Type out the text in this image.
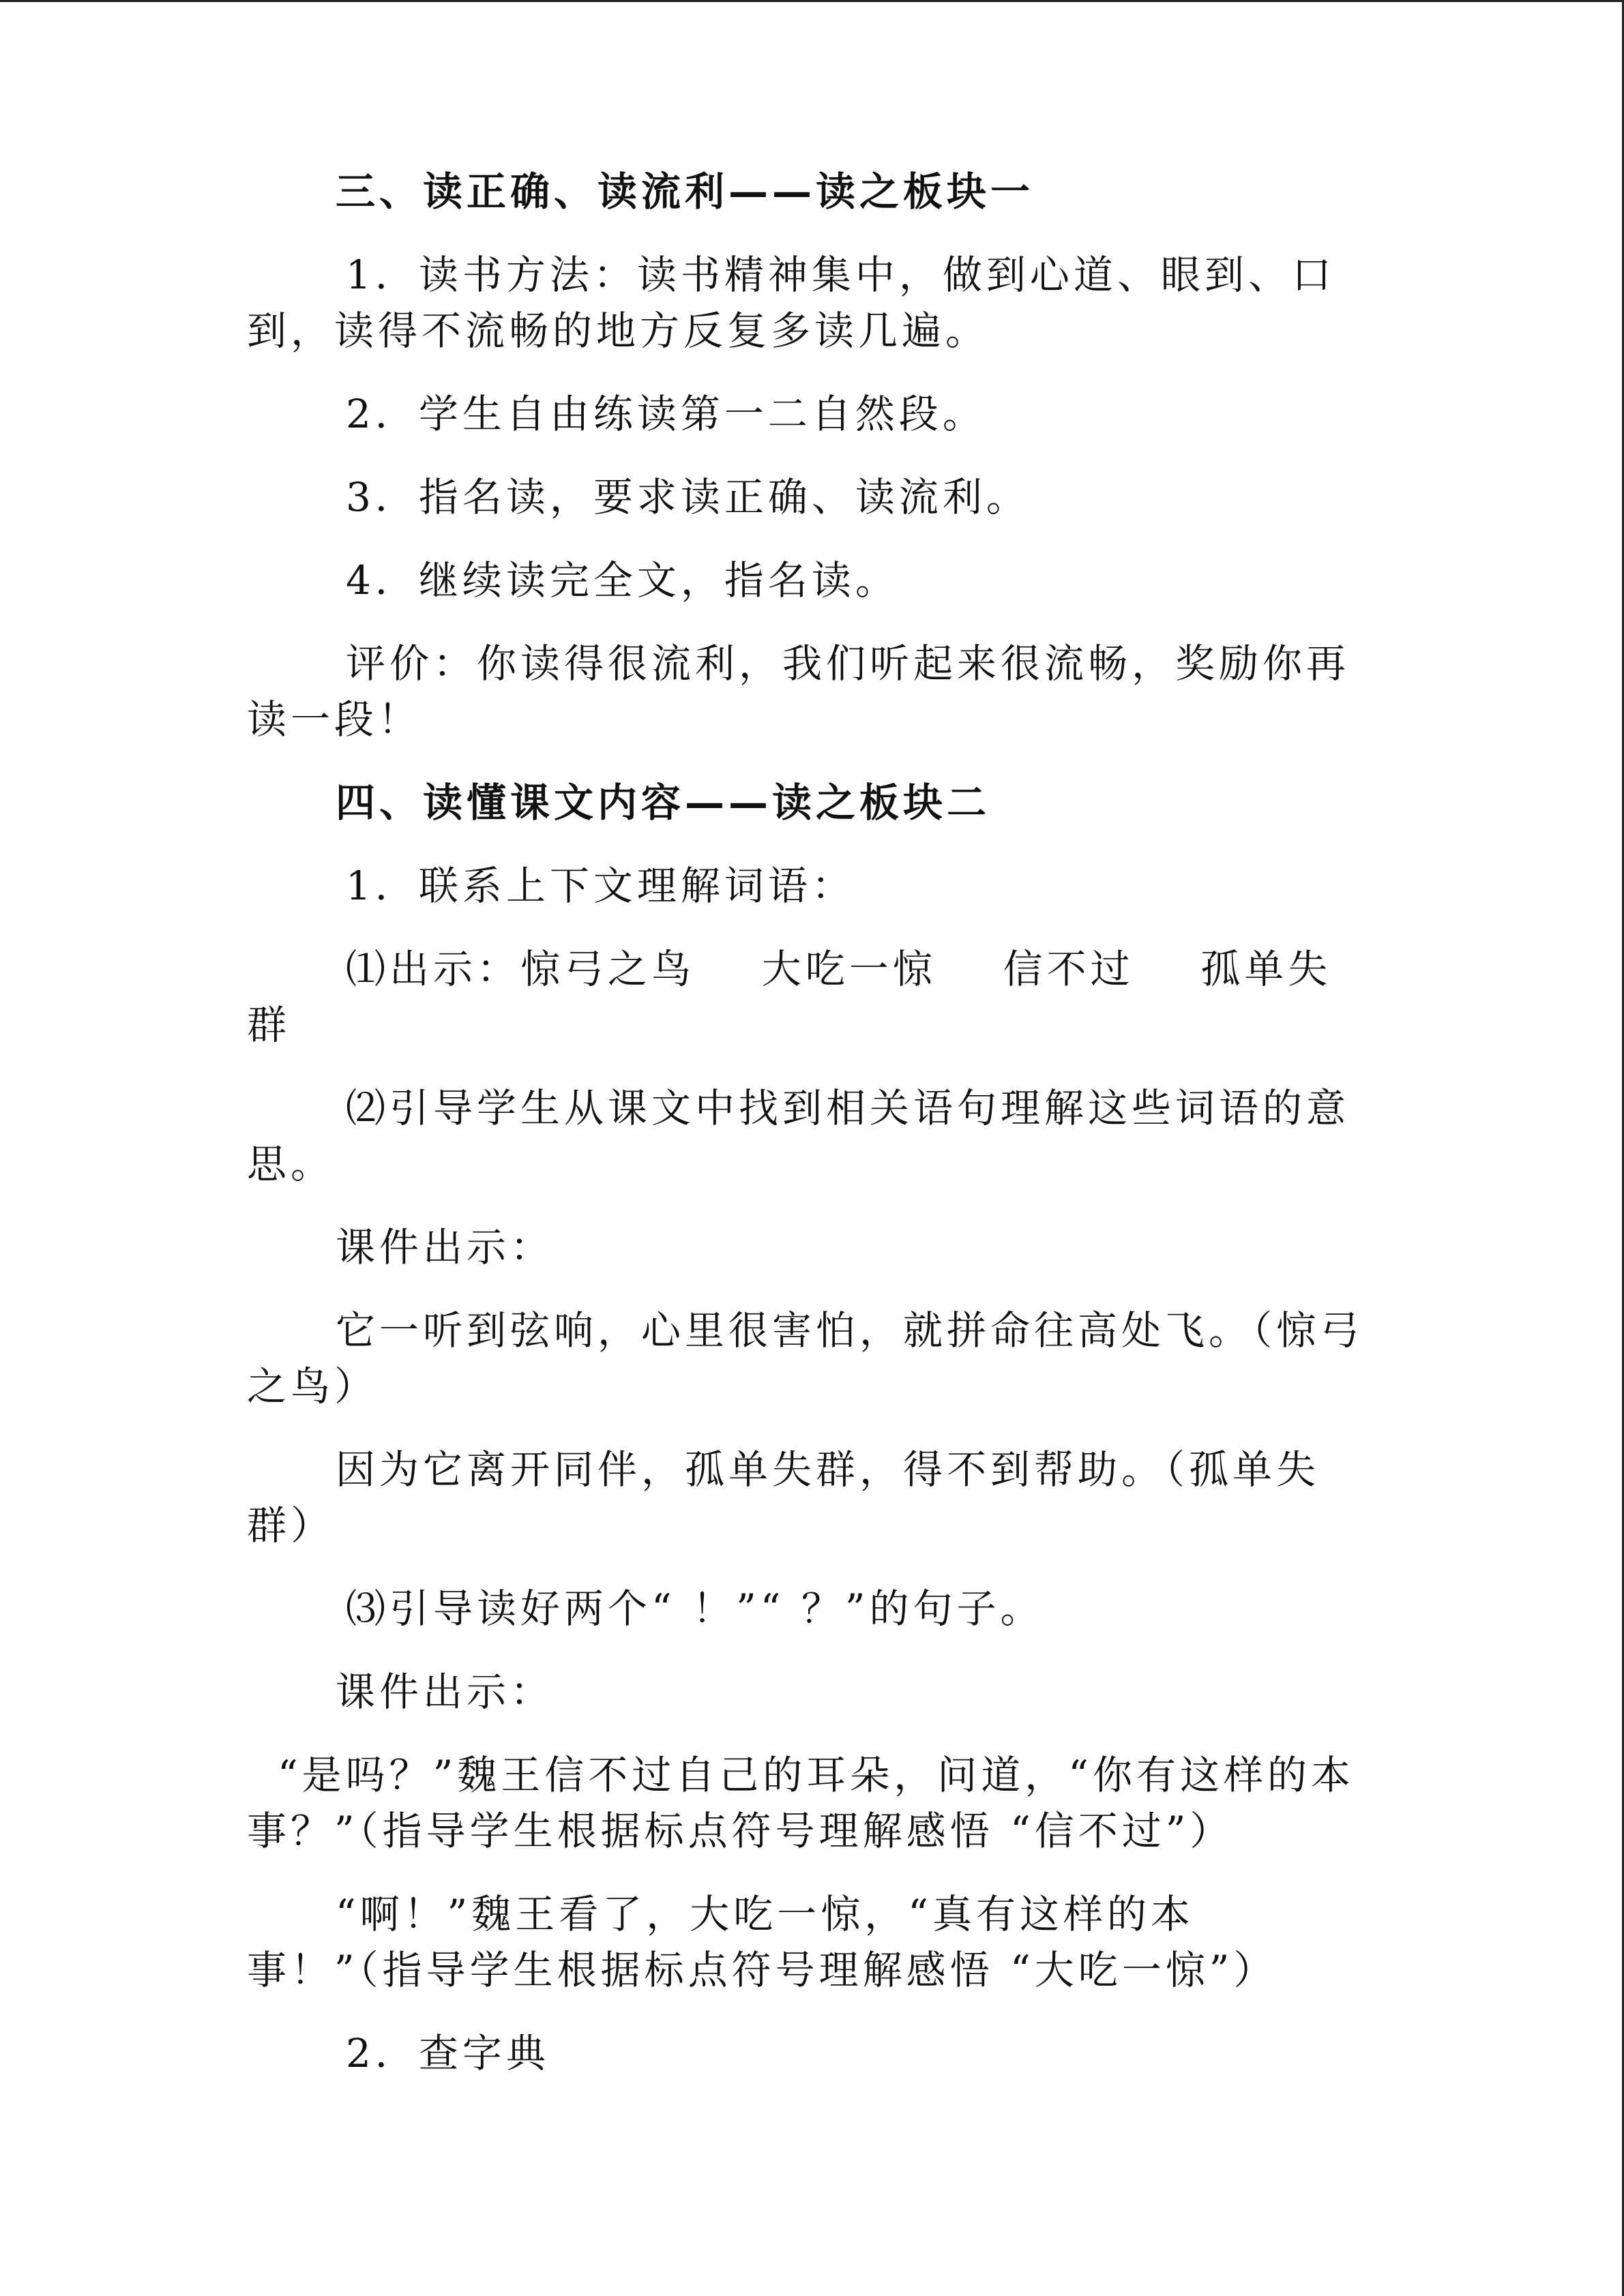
三、读正确、读流利——读之板块一

1．读书方法：读书精神集中，做到心道、眼到、口到，读得不流畅的地方反复多读几遍。

2．学生自由练读第一二自然段。

3．指名读，要求读正确、读流利。

4．继续读完全文，指名读。

评价：你读得很流利，我们听起来很流畅，奖励你再读一段！

四、读懂课文内容——读之板块二

1．联系上下文理解词语：

⑴出示：惊弓之鸟    大吃一惊    信不过    孤单失群

⑵引导学生从课文中找到相关语句理解这些词语的意思。

课件出示：

它一听到弦响，心里很害怕，就拼命往高处飞。（惊弓之鸟）

因为它离开同伴，孤单失群，得不到帮助。（孤单失群）

⑶引导读好两个“ ！”“ ？”的句子。

课件出示：

“是吗？”魏王信不过自己的耳朵，问道，“你有这样的本事？”（指导学生根据标点符号理解感悟 “信不过”）

“啊！”魏王看了，大吃一惊，“真有这样的本事！”（指导学生根据标点符号理解感悟 “大吃一惊”）

2．查字典
